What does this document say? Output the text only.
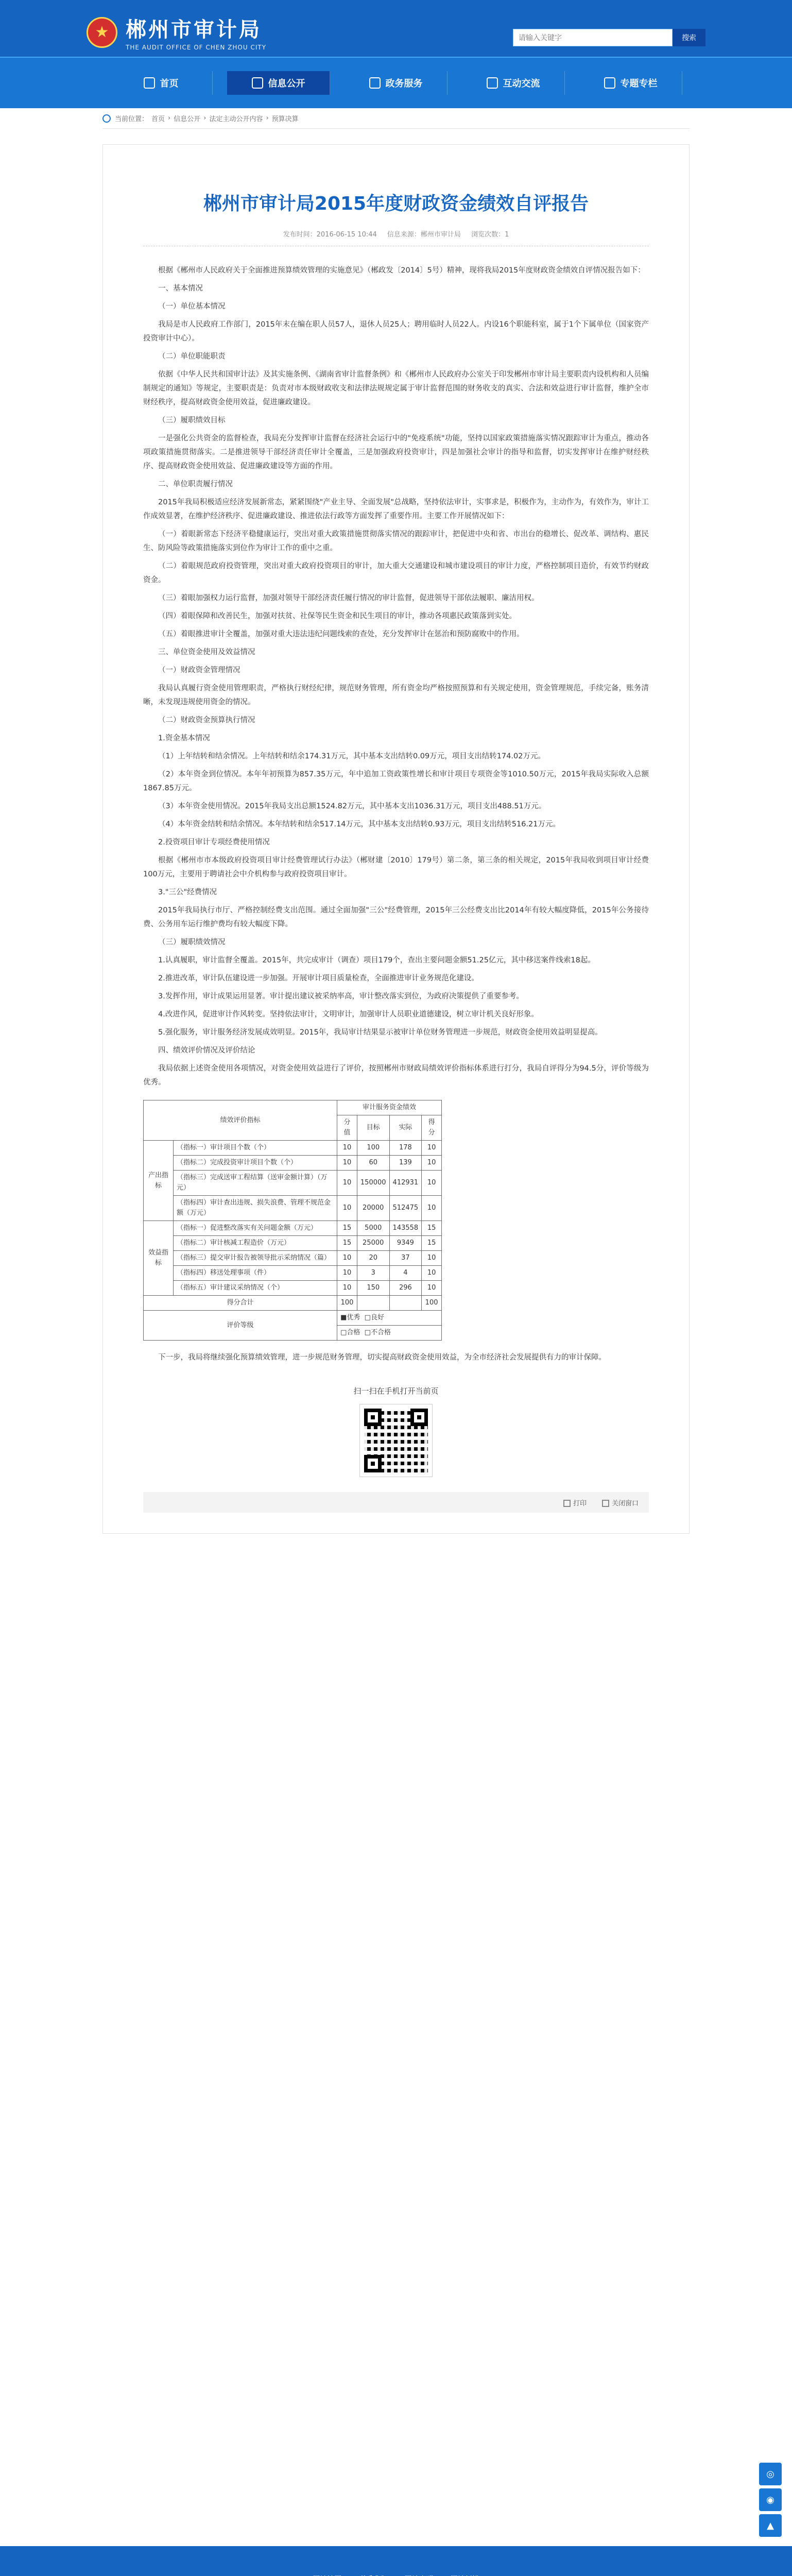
★ 郴州市审计局
THE AUDIT OFFICE OF CHEN ZHOU CITY
请输入关键字
搜索
首页	信息公开	政务服务	互动交流	专题专栏
当前位置： 首页 › 信息公开 › 法定主动公开内容 › 预算决算
郴州市审计局2015年度财政资金绩效自评报告
发布时间：2016-06-15 10:44 信息来源：郴州市审计局 浏览次数：1

根据《郴州市人民政府关于全面推进预算绩效管理的实施意见》（郴政发〔2014〕5号）精神，现将我局2015年度财政资金绩效自评情况报告如下：

一、基本情况

（一）单位基本情况

我局是市人民政府工作部门，2015年末在编在职人员57人，退休人员25人；聘用临时人员22人。内设16个职能科室，属于1个下属单位（国家资产投资审计中心）。

（二）单位职能职责

依据《中华人民共和国审计法》及其实施条例、《湖南省审计监督条例》和《郴州市人民政府办公室关于印发郴州市审计局主要职责内设机构和人员编制规定的通知》等规定，主要职责是：负责对市本级财政收支和法律法规规定属于审计监督范围的财务收支的真实、合法和效益进行审计监督，维护全市财经秩序，提高财政资金使用效益，促进廉政建设。

（三）履职绩效目标

一是强化公共资金的监督检查，我局充分发挥审计监督在经济社会运行中的"免疫系统"功能，坚持以国家政策措施落实情况跟踪审计为重点，推动各项政策措施贯彻落实。二是推进领导干部经济责任审计全覆盖，三是加强政府投资审计，四是加强社会审计的指导和监督，切实发挥审计在维护财经秩序、提高财政资金使用效益、促进廉政建设等方面的作用。

二、单位职责履行情况

2015年我局积极适应经济发展新常态，紧紧围绕"产业主导、全面发展"总战略，坚持依法审计，实事求是，积极作为，主动作为，有效作为，审计工作成效显著，在维护经济秩序、促进廉政建设、推进依法行政等方面发挥了重要作用。主要工作开展情况如下：

（一）着眼新常态下经济平稳健康运行，突出对重大政策措施贯彻落实情况的跟踪审计，把促进中央和省、市出台的稳增长、促改革、调结构、惠民生、防风险等政策措施落实到位作为审计工作的重中之重。

（二）着眼规范政府投资管理，突出对重大政府投资项目的审计，加大重大交通建设和城市建设项目的审计力度，严格控制项目造价，有效节约财政资金。

（三）着眼加强权力运行监督，加强对领导干部经济责任履行情况的审计监督，促进领导干部依法履职、廉洁用权。

（四）着眼保障和改善民生，加强对扶贫、社保等民生资金和民生项目的审计，推动各项惠民政策落到实处。

（五）着眼推进审计全覆盖，加强对重大违法违纪问题线索的查处，充分发挥审计在惩治和预防腐败中的作用。

三、单位资金使用及效益情况

（一）财政资金管理情况

我局认真履行资金使用管理职责，严格执行财经纪律，规范财务管理，所有资金均严格按照预算和有关规定使用，资金管理规范，手续完备，账务清晰，未发现违规使用资金的情况。

（二）财政资金预算执行情况

1.资金基本情况

（1）上年结转和结余情况。上年结转和结余174.31万元，其中基本支出结转0.09万元，项目支出结转174.02万元。

（2）本年资金到位情况。本年年初预算为857.35万元，年中追加工资政策性增长和审计项目专项资金等1010.50万元，2015年我局实际收入总额1867.85万元。

（3）本年资金使用情况。2015年我局支出总额1524.82万元，其中基本支出1036.31万元，项目支出488.51万元。

（4）本年资金结转和结余情况。本年结转和结余517.14万元，其中基本支出结转0.93万元，项目支出结转516.21万元。

2.投资项目审计专项经费使用情况

根据《郴州市市本级政府投资项目审计经费管理试行办法》（郴财建〔2010〕179号）第二条，第三条的相关规定，2015年我局收到项目审计经费100万元，主要用于聘请社会中介机构参与政府投资项目审计。

3."三公"经费情况

2015年我局执行市厅、严格控制经费支出范围。通过全面加强"三公"经费管理，2015年三公经费支出比2014年有较大幅度降低，2015年公务接待费、公务用车运行维护费均有较大幅度下降。

（三）履职绩效情况

1.认真履职，审计监督全覆盖。2015年，共完成审计（调查）项目179个，查出主要问题金额51.25亿元，其中移送案件线索18起。

2.推进改革，审计队伍建设进一步加强。开展审计项目质量检查，全面推进审计业务规范化建设。

3.发挥作用，审计成果运用显著。审计提出建议被采纳率高，审计整改落实到位，为政府决策提供了重要参考。

4.改进作风，促进审计作风转变。坚持依法审计，文明审计，加强审计人员职业道德建设，树立审计机关良好形象。

5.强化服务，审计服务经济发展成效明显。2015年，我局审计结果显示被审计单位财务管理进一步规范，财政资金使用效益明显提高。

四、绩效评价情况及评价结论

我局依据上述资金使用各项情况，对资金使用效益进行了评价，按照郴州市财政局绩效评价指标体系进行打分，我局自评得分为94.5分，评价等级为优秀。

绩效评价指标		审计服务资金绩效			
		分值	目标	实际	得分
产出指标	（指标一）审计项目个数（个）	10	100	178	10
	（指标二）完成投资审计项目个数（个）	10	60	139	10
	（指标三）完成送审工程结算（送审金额计算）（万元）	10	150000	412931	10
	（指标四）审计查出违规、损失浪费、管理不规范金额（万元）	10	20000	512475	10
效益指标	（指标一）促进整改落实有关问题金额（万元）	15	5000	143558	15
	（指标二）审计核减工程造价（万元）	15	25000	9349	15
	（指标三）提交审计报告被领导批示采纳情况（篇）	10	20	37	10
	（指标四）移送处理事项（件）	10	3	4	10
	（指标五）审计建议采纳情况（个）	10	150	296	10
得分合计		100			100
评价等级		■优秀 □良好			
		□合格 □不合格			

下一步，我局将继续强化预算绩效管理，进一步规范财务管理，切实提高财政资金使用效益，为全市经济社会发展提供有力的审计保障。

扫一扫在手机打开当前页
打印	关闭窗口
◎
◉
▲
